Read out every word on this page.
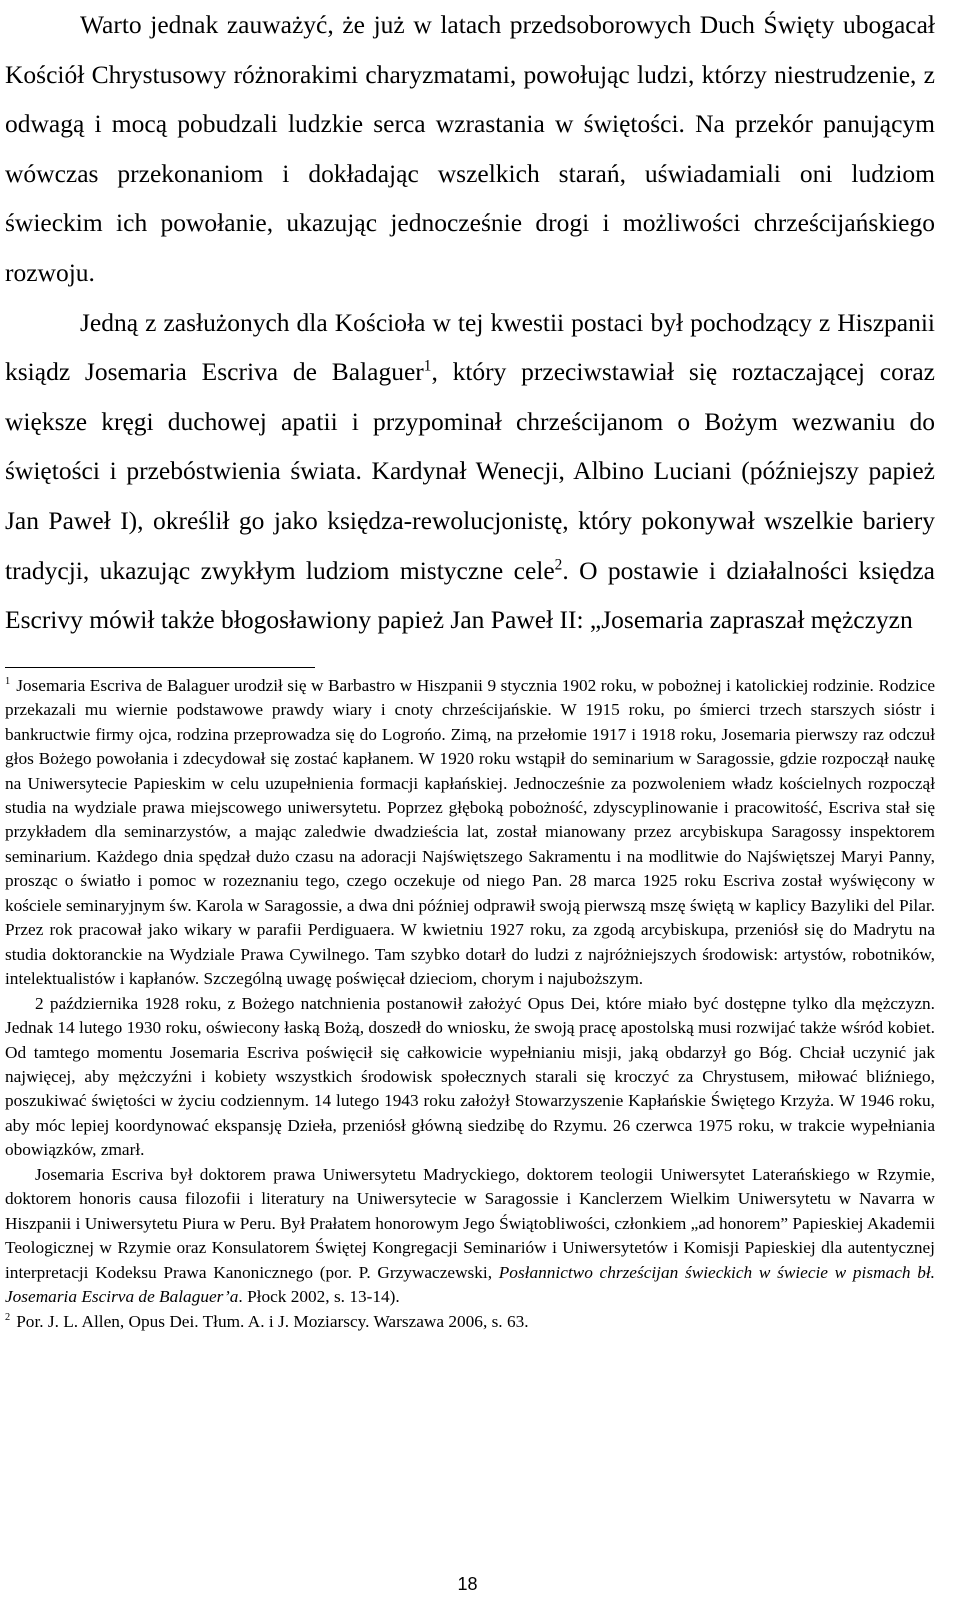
Warto jednak zauważyć, że już w latach przedsoborowych Duch Święty ubogacał Kościół Chrystusowy różnorakimi charyzmatami, powołując ludzi, którzy niestrudzenie, z odwagą i mocą pobudzali ludzkie serca wzrastania w świętości. Na przekór panującym wówczas przekonaniom i dokładając wszelkich starań, uświadamiali oni ludziom świeckim ich powołanie, ukazując jednocześnie drogi i możliwości chrześcijańskiego rozwoju.

Jedną z zasłużonych dla Kościoła w tej kwestii postaci był pochodzący z Hiszpanii ksiądz Josemaria Escriva de Balaguer$^1$, który przeciwstawiał się roztaczającej coraz większe kręgi duchowej apatii i przypominał chrześcijanom o Bożym wezwaniu do świętości i przebóstwienia świata. Kardynał Wenecji, Albino Luciani (późniejszy papież Jan Paweł I), określił go jako księdza-rewolucjonistę, który pokonywał wszelkie bariery tradycji, ukazując zwykłym ludziom mistyczne cele$^2$. O postawie i działalności księdza Escrivy mówił także błogosławiony papież Jan Paweł II: „Josemaria zapraszał mężczyzn

$^1$ Josemaria Escriva de Balaguer urodził się w Barbastro w Hiszpanii 9 stycznia 1902 roku, w pobożnej i katolickiej rodzinie. Rodzice przekazali mu wiernie podstawowe prawdy wiary i cnoty chrześcijańskie. W 1915 roku, po śmierci trzech starszych sióstr i bankructwie firmy ojca, rodzina przeprowadza się do Logrońo. Zimą, na przełomie 1917 i 1918 roku, Josemaria pierwszy raz odczuł głos Bożego powołania i zdecydował się zostać kapłanem. W 1920 roku wstąpił do seminarium w Saragossie, gdzie rozpoczął naukę na Uniwersytecie Papieskim w celu uzupełnienia formacji kapłańskiej. Jednocześnie za pozwoleniem władz kościelnych rozpoczął studia na wydziale prawa miejscowego uniwersytetu. Poprzez głęboką pobożność, zdyscyplinowanie i pracowitość, Escriva stał się przykładem dla seminarzystów, a mając zaledwie dwadzieścia lat, został mianowany przez arcybiskupa Saragossy inspektorem seminarium. Każdego dnia spędzał dużo czasu na adoracji Najświętszego Sakramentu i na modlitwie do Najświętszej Maryi Panny, prosząc o światło i pomoc w rozeznaniu tego, czego oczekuje od niego Pan. 28 marca 1925 roku Escriva został wyświęcony w kościele seminaryjnym św. Karola w Saragossie, a dwa dni później odprawił swoją pierwszą mszę świętą w kaplicy Bazyliki del Pilar. Przez rok pracował jako wikary w parafii Perdiguaera. W kwietniu 1927 roku, za zgodą arcybiskupa, przeniósł się do Madrytu na studia doktoranckie na Wydziale Prawa Cywilnego. Tam szybko dotarł do ludzi z najróżniejszych środowisk: artystów, robotników, intelektualistów i kapłanów. Szczególną uwagę poświęcał dzieciom, chorym i najuboższym.

2 października 1928 roku, z Bożego natchnienia postanowił założyć Opus Dei, które miało być dostępne tylko dla mężczyzn. Jednak 14 lutego 1930 roku, oświecony łaską Bożą, doszedł do wniosku, że swoją pracę apostolską musi rozwijać także wśród kobiet. Od tamtego momentu Josemaria Escriva poświęcił się całkowicie wypełnianiu misji, jaką obdarzył go Bóg. Chciał uczynić jak najwięcej, aby mężczyźni i kobiety wszystkich środowisk społecznych starali się kroczyć za Chrystusem, miłować bliźniego, poszukiwać świętości w życiu codziennym. 14 lutego 1943 roku założył Stowarzyszenie Kapłańskie Świętego Krzyża. W 1946 roku, aby móc lepiej koordynować ekspansję Dzieła, przeniósł główną siedzibę do Rzymu. 26 czerwca 1975 roku, w trakcie wypełniania obowiązków, zmarł.

Josemaria Escriva był doktorem prawa Uniwersytetu Madryckiego, doktorem teologii Uniwersytet Laterańskiego w Rzymie, doktorem honoris causa filozofii i literatury na Uniwersytecie w Saragossie i Kanclerzem Wielkim Uniwersytetu w Navarra w Hiszpanii i Uniwersytetu Piura w Peru. Był Prałatem honorowym Jego Świątobliwości, członkiem „ad honorem” Papieskiej Akademii Teologicznej w Rzymie oraz Konsulatorem Świętej Kongregacji Seminariów i Uniwersytetów i Komisji Papieskiej dla autentycznej interpretacji Kodeksu Prawa Kanonicznego (por. P. Grzywaczewski, Posłannictwo chrześcijan świeckich w świecie w pismach bł. Josemaria Escirva de Balaguer’a. Płock 2002, s. 13-14).

$^2$ Por. J. L. Allen, Opus Dei. Tłum. A. i J. Moziarscy. Warszawa 2006, s. 63.

18
